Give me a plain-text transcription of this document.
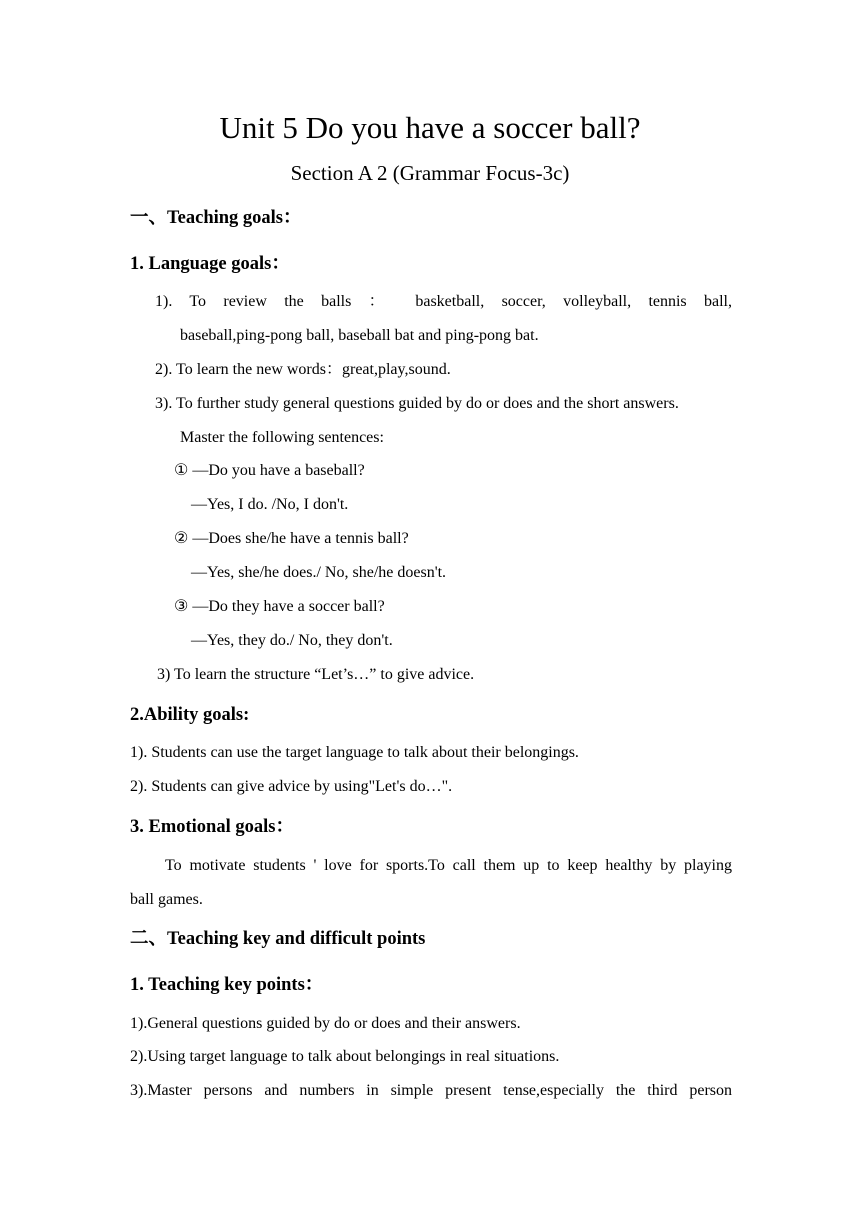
Unit 5 Do you have a soccer ball?
Section A 2 (Grammar Focus-3c)
一、Teaching goals：
1. Language goals：
1). To review the balls ： basketball, soccer, volleyball, tennis ball,
baseball,ping-pong ball, baseball bat and ping-pong bat.
2). To learn the new words：great,play,sound.
3). To further study general questions guided by do or does and the short answers.
Master the following sentences:
① —Do you have a baseball?
—Yes, I do. /No, I don't.
② —Does she/he have a tennis ball?
—Yes, she/he does./ No, she/he doesn't.
③ —Do they have a soccer ball?
—Yes, they do./ No, they don't.
3) To learn the structure “Let’s…” to give advice.
2.Ability goals:
1). Students can use the target language to talk about their belongings.
2). Students can give advice by using"Let's do…".
3. Emotional goals：
To motivate students ' love for sports.To call them up to keep healthy by playing
ball games.
二、Teaching key and difficult points
1. Teaching key points：
1).General questions guided by do or does and their answers.
2).Using target language to talk about belongings in real situations.
3).Master persons and numbers in simple present tense,especially the third person
